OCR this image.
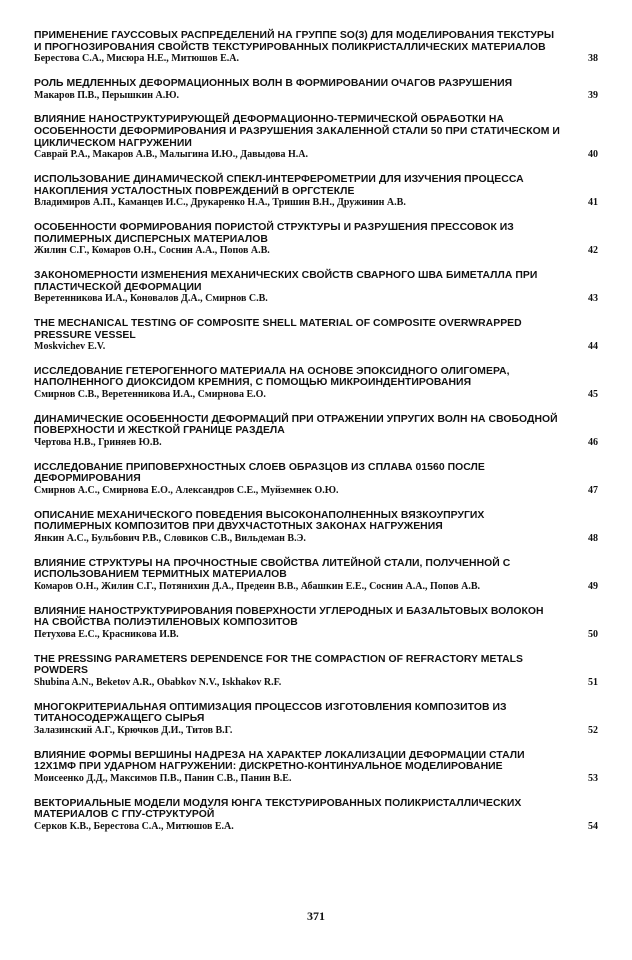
ПРИМЕНЕНИЕ ГАУССОВЫХ РАСПРЕДЕЛЕНИЙ НА ГРУППЕ SO(3) ДЛЯ МОДЕЛИРОВАНИЯ ТЕКСТУРЫ И ПРОГНОЗИРОВАНИЯ СВОЙСТВ ТЕКСТУРИРОВАННЫХ ПОЛИКРИСТАЛЛИЧЕСКИХ МАТЕРИАЛОВ
Берестова С.А., Мисюра Н.Е., Митюшов Е.А.	38
РОЛЬ МЕДЛЕННЫХ ДЕФОРМАЦИОННЫХ ВОЛН В ФОРМИРОВАНИИ ОЧАГОВ РАЗРУШЕНИЯ
Макаров П.В., Перышкин А.Ю.	39
ВЛИЯНИЕ НАНОСТРУКТУРИРУЮЩЕЙ ДЕФОРМАЦИОННО-ТЕРМИЧЕСКОЙ ОБРАБОТКИ НА ОСОБЕННОСТИ ДЕФОРМИРОВАНИЯ И РАЗРУШЕНИЯ ЗАКАЛЕННОЙ СТАЛИ 50 ПРИ СТАТИЧЕСКОМ И ЦИКЛИЧЕСКОМ НАГРУЖЕНИИ
Саврай Р.А., Макаров А.В., Малыгина И.Ю., Давыдова Н.А.	40
ИСПОЛЬЗОВАНИЕ ДИНАМИЧЕСКОЙ СПЕКЛ-ИНТЕРФЕРОМЕТРИИ ДЛЯ ИЗУЧЕНИЯ ПРОЦЕССА НАКОПЛЕНИЯ УСТАЛОСТНЫХ ПОВРЕЖДЕНИЙ В ОРГСТЕКЛЕ
Владимиров А.П., Каманцев И.С., Друкаренко Н.А., Тришин В.Н., Дружинин А.В.	41
ОСОБЕННОСТИ ФОРМИРОВАНИЯ ПОРИСТОЙ СТРУКТУРЫ И РАЗРУШЕНИЯ ПРЕССОВОК ИЗ ПОЛИМЕРНЫХ ДИСПЕРСНЫХ МАТЕРИАЛОВ
Жилин С.Г., Комаров О.Н., Соснин А.А., Попов А.В.	42
ЗАКОНОМЕРНОСТИ ИЗМЕНЕНИЯ МЕХАНИЧЕСКИХ СВОЙСТВ СВАРНОГО ШВА БИМЕТАЛЛА ПРИ ПЛАСТИЧЕСКОЙ ДЕФОРМАЦИИ
Веретенникова И.А., Коновалов Д.А., Смирнов С.В.	43
THE MECHANICAL TESTING OF COMPOSITE SHELL MATERIAL OF COMPOSITE OVERWRAPPED PRESSURE VESSEL
Moskvichev E.V.	44
ИССЛЕДОВАНИЕ ГЕТЕРОГЕННОГО МАТЕРИАЛА НА ОСНОВЕ ЭПОКСИДНОГО ОЛИГОМЕРА, НАПОЛНЕННОГО ДИОКСИДОМ КРЕМНИЯ, С ПОМОЩЬЮ МИКРОИНДЕНТИРОВАНИЯ
Смирнов С.В., Веретенникова И.А., Смирнова Е.О.	45
ДИНАМИЧЕСКИЕ ОСОБЕННОСТИ ДЕФОРМАЦИЙ ПРИ ОТРАЖЕНИИ УПРУГИХ ВОЛН НА СВОБОДНОЙ ПОВЕРХНОСТИ И ЖЕСТКОЙ ГРАНИЦЕ РАЗДЕЛА
Чертова Н.В., Гриняев Ю.В.	46
ИССЛЕДОВАНИЕ ПРИПОВЕРХНОСТНЫХ СЛОЕВ ОБРАЗЦОВ ИЗ СПЛАВА 01560 ПОСЛЕ ДЕФОРМИРОВАНИЯ
Смирнов А.С., Смирнова Е.О., Александров С.Е., Муйземнек О.Ю.	47
ОПИСАНИЕ МЕХАНИЧЕСКОГО ПОВЕДЕНИЯ ВЫСОКОНАПОЛНЕННЫХ ВЯЗКОУПРУГИХ ПОЛИМЕРНЫХ КОМПОЗИТОВ ПРИ ДВУХЧАСТОТНЫХ ЗАКОНАХ НАГРУЖЕНИЯ
Янкин А.С., Бульбович Р.В., Словиков С.В., Вильдеман В.Э.	48
ВЛИЯНИЕ СТРУКТУРЫ НА ПРОЧНОСТНЫЕ СВОЙСТВА ЛИТЕЙНОЙ СТАЛИ, ПОЛУЧЕННОЙ С ИСПОЛЬЗОВАНИЕМ ТЕРМИТНЫХ МАТЕРИАЛОВ
Комаров О.Н., Жилин С.Г., Потянихин Д.А., Предеин В.В., Абашкин Е.Е., Соснин А.А., Попов А.В.	49
ВЛИЯНИЕ НАНОСТРУКТУРИРОВАНИЯ ПОВЕРХНОСТИ УГЛЕРОДНЫХ И БАЗАЛЬТОВЫХ ВОЛОКОН НА СВОЙСТВА ПОЛИЭТИЛЕНОВЫХ КОМПОЗИТОВ
Петухова Е.С., Красникова И.В.	50
THE PRESSING PARAMETERS DEPENDENCE FOR THE COMPACTION OF REFRACTORY METALS POWDERS
Shubina A.N., Beketov A.R., Obabkov N.V., Iskhakov R.F.	51
МНОГОКРИТЕРИАЛЬНАЯ ОПТИМИЗАЦИЯ ПРОЦЕССОВ ИЗГОТОВЛЕНИЯ КОМПОЗИТОВ ИЗ ТИТАНОСОДЕРЖАЩЕГО СЫРЬЯ
Залазинский А.Г., Крючков Д.И., Титов В.Г.	52
ВЛИЯНИЕ ФОРМЫ ВЕРШИНЫ НАДРЕЗА НА ХАРАКТЕР ЛОКАЛИЗАЦИИ ДЕФОРМАЦИИ СТАЛИ 12Х1МФ ПРИ УДАРНОМ НАГРУЖЕНИИ: ДИСКРЕТНО-КОНТИНУАЛЬНОЕ МОДЕЛИРОВАНИЕ
Моисеенко Д.Д., Максимов П.В., Панин С.В., Панин В.Е.	53
ВЕКТОРИАЛЬНЫЕ МОДЕЛИ МОДУЛЯ ЮНГА ТЕКСТУРИРОВАННЫХ ПОЛИКРИСТАЛЛИЧЕСКИХ МАТЕРИАЛОВ С ГПУ-СТРУКТУРОЙ
Серков К.В., Берестова С.А., Митюшов Е.А.	54
371
